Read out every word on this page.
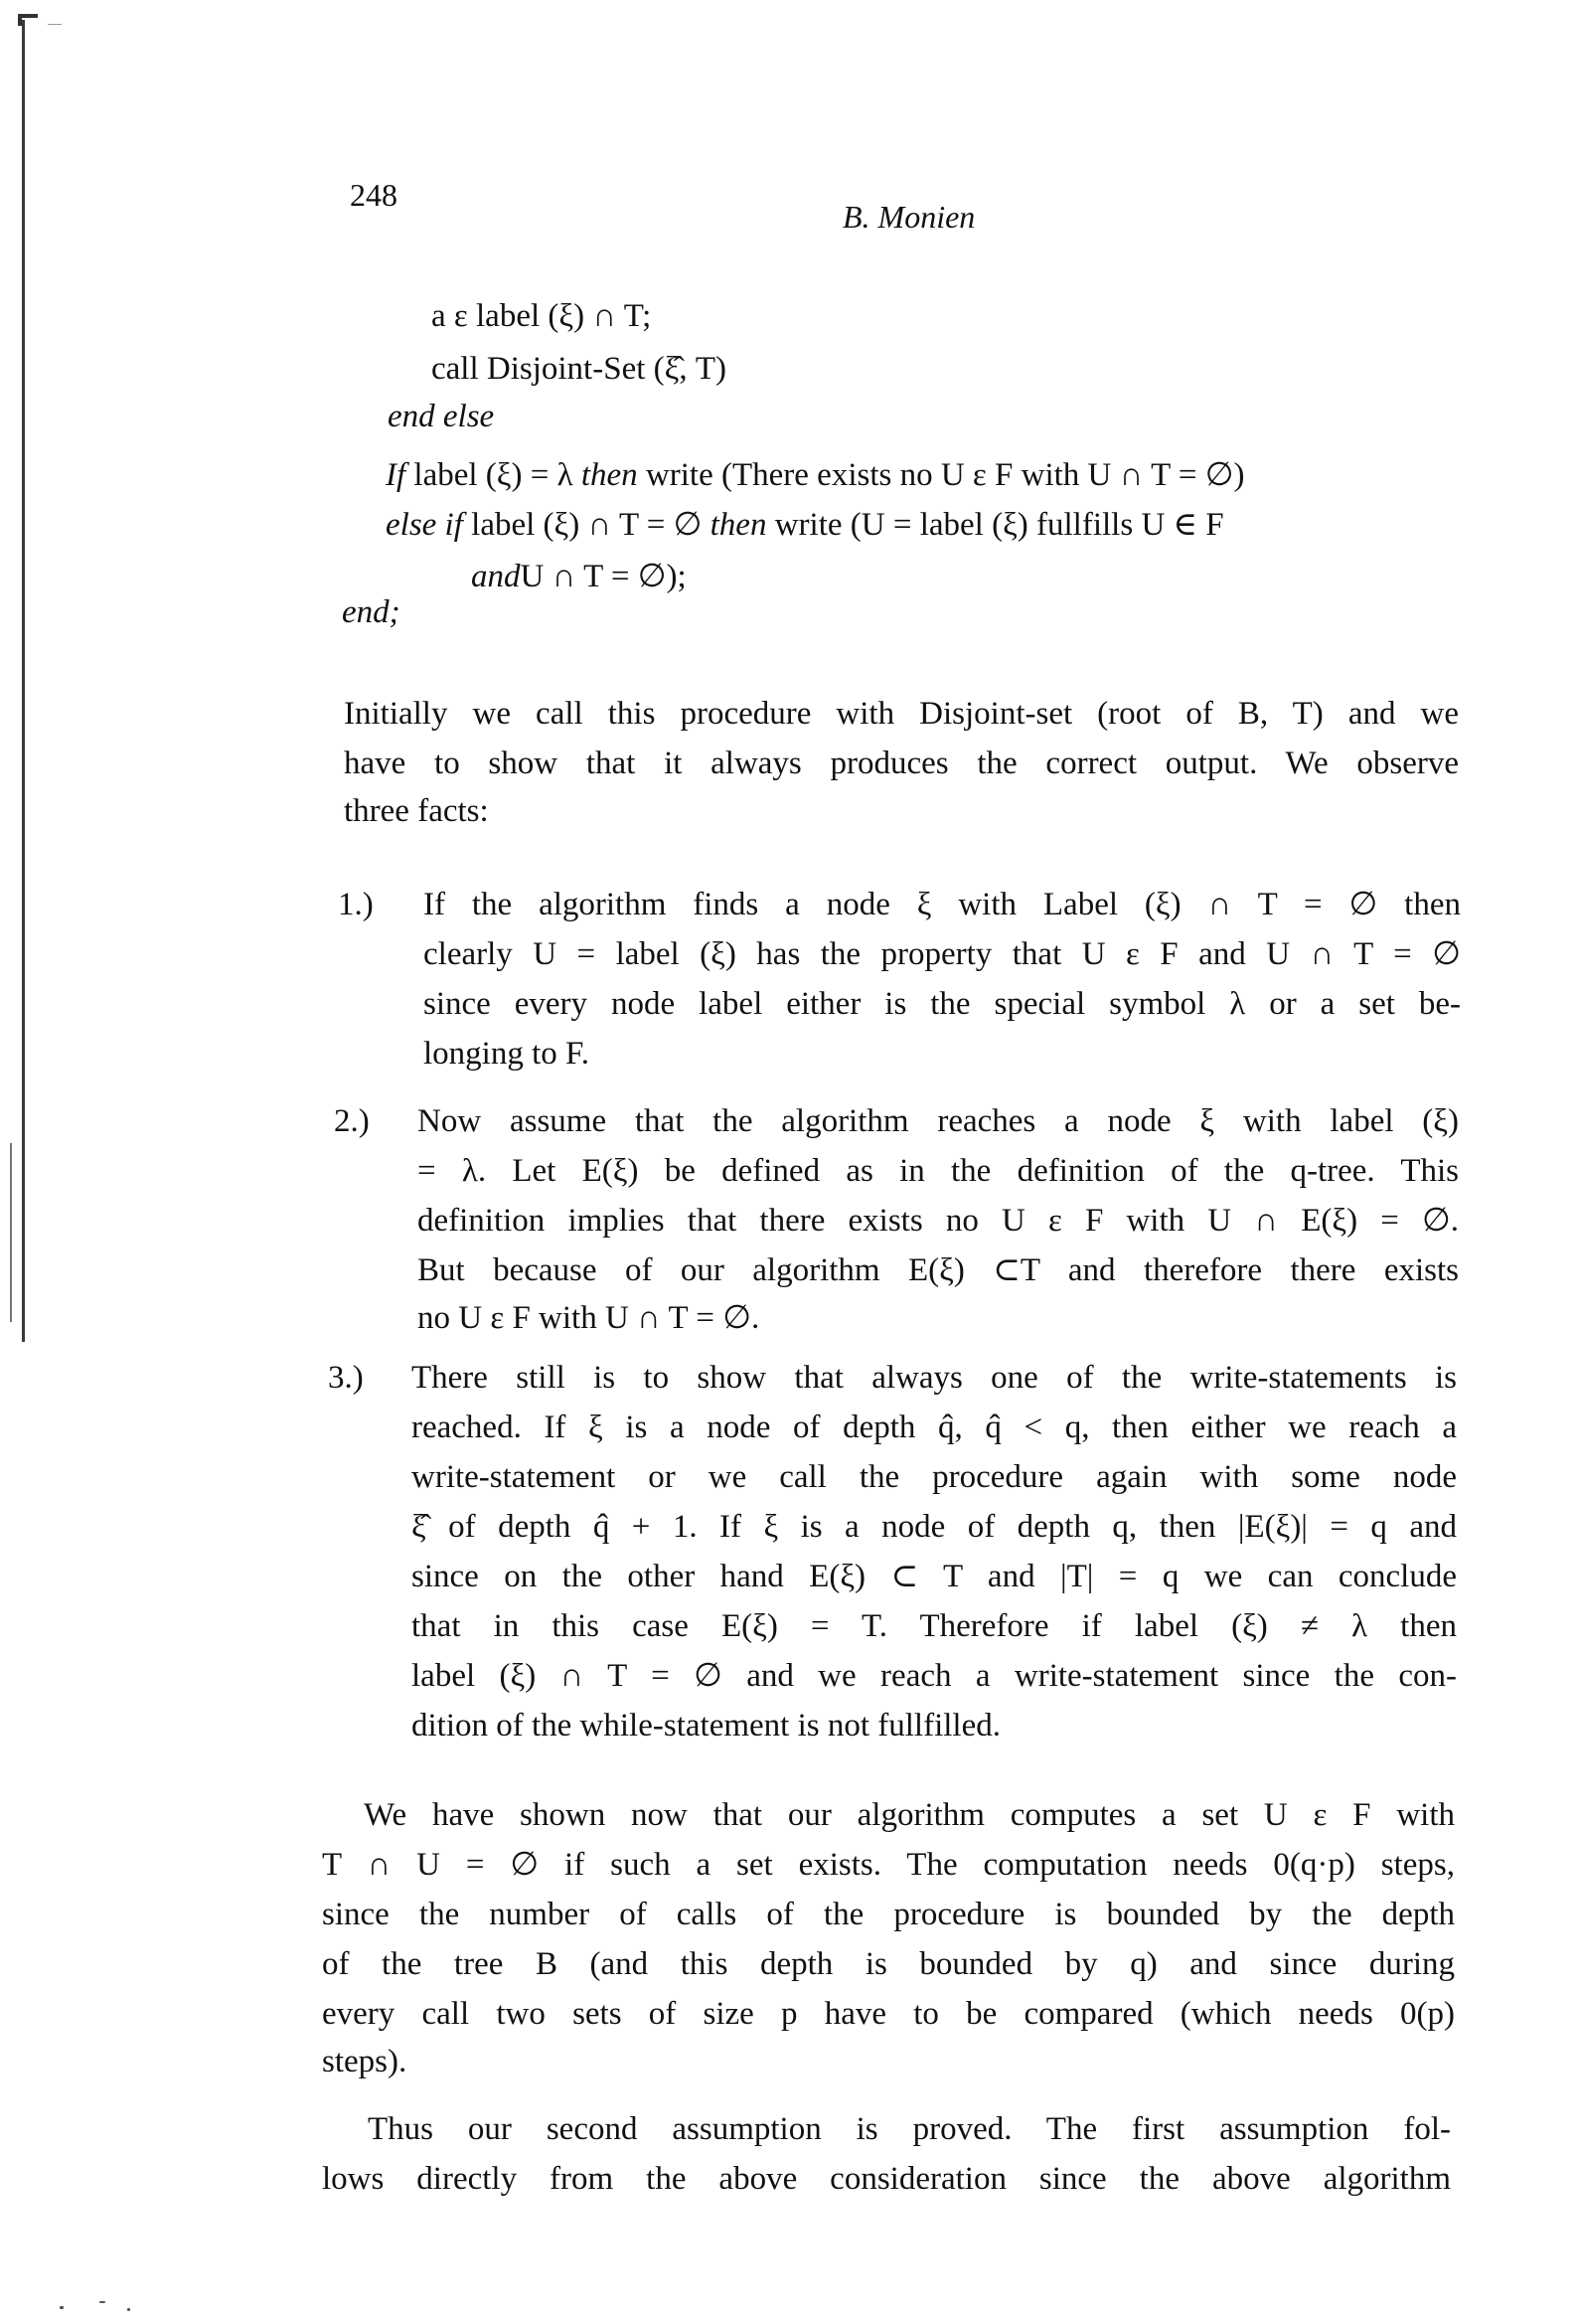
248
B. Monien
a ε label (ξ) ∩ T;
call Disjoint-Set (ξ̂, T)
end else
If label (ξ) = λ then write (There exists no U ε F with U ∩ T = ∅)
else if label (ξ) ∩ T = ∅ then write (U = label (ξ) fullfills U ∈ F
andU ∩ T = ∅);
end;
Initially we call this procedure with Disjoint-set (root of B, T) and we
have to show that it always produces the correct output. We observe
three facts:
1.) If the algorithm finds a node ξ with Label (ξ) ∩ T = ∅ then
clearly U = label (ξ) has the property that U ε F and U ∩ T = ∅
since every node label either is the special symbol λ or a set be-
longing to F.
2.) Now assume that the algorithm reaches a node ξ with label (ξ)
= λ. Let E(ξ) be defined as in the definition of the q-tree. This
definition implies that there exists no U ε F with U ∩ E(ξ) = ∅.
But because of our algorithm E(ξ) ⊂T and therefore there exists
no U ε F with U ∩ T = ∅.
3.) There still is to show that always one of the write-statements is
reached. If ξ is a node of depth q̂, q̂ < q, then either we reach a
write-statement or we call the procedure again with some node
ξ̂ of depth q̂ + 1. If ξ is a node of depth q, then |E(ξ)| = q and
since on the other hand E(ξ) ⊂ T and |T| = q we can conclude
that in this case E(ξ) = T. Therefore if label (ξ) ≠ λ then
label (ξ) ∩ T = ∅ and we reach a write-statement since the con-
dition of the while-statement is not fullfilled.
We have shown now that our algorithm computes a set U ε F with
T ∩ U = ∅ if such a set exists. The computation needs 0(q·p) steps,
since the number of calls of the procedure is bounded by the depth
of the tree B (and this depth is bounded by q) and since during
every call two sets of size p have to be compared (which needs 0(p)
steps).
Thus our second assumption is proved. The first assumption fol-
lows directly from the above consideration since the above algorithm
